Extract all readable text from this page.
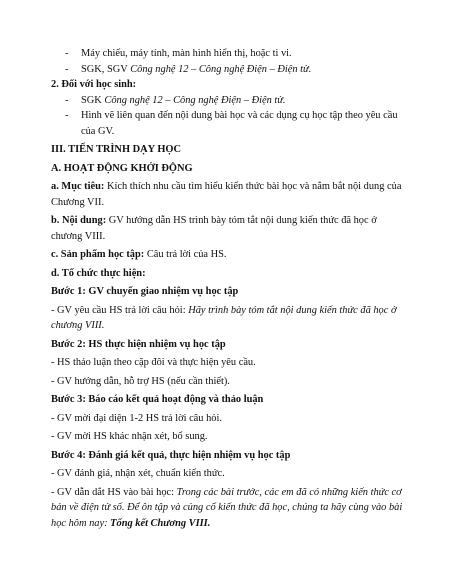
- Máy chiếu, máy tính, màn hình hiển thị, hoặc ti vi.
- SGK, SGV Công nghệ 12 – Công nghệ Điện – Điện tử.
2. Đối với học sinh:
- SGK Công nghệ 12 – Công nghệ Điện – Điện tử.
- Hình vẽ liên quan đến nội dung bài học và các dụng cụ học tập theo yêu cầu của GV.
III. TIẾN TRÌNH DẠY HỌC
A. HOẠT ĐỘNG KHỞI ĐỘNG
a. Mục tiêu: Kích thích nhu cầu tìm hiểu kiến thức bài học và nắm bắt nội dung của Chương VII.
b. Nội dung: GV hướng dẫn HS trình bày tóm tắt nội dung kiến thức đã học ở chương VIII.
c. Sản phẩm học tập: Câu trả lời của HS.
d. Tổ chức thực hiện:
Bước 1: GV chuyển giao nhiệm vụ học tập
- GV yêu cầu HS trả lời câu hỏi: Hãy trình bày tóm tắt nội dung kiến thức đã học ở chương VIII.
Bước 2: HS thực hiện nhiệm vụ học tập
- HS thảo luận theo cặp đôi và thực hiện yêu cầu.
- GV hướng dẫn, hỗ trợ HS (nếu cần thiết).
Bước 3: Báo cáo kết quả hoạt động và thảo luận
- GV mời đại diện 1-2 HS trả lời câu hỏi.
- GV mời HS khác nhận xét, bổ sung.
Bước 4: Đánh giá kết quả, thực hiện nhiệm vụ học tập
- GV đánh giá, nhận xét, chuẩn kiến thức.
- GV dẫn dắt HS vào bài học: Trong các bài trước, các em đã có những kiến thức cơ bản về điện tử số. Để ôn tập và củng cố kiến thức đã học, chúng ta hãy cùng vào bài học hôm nay: Tổng kết Chương VIII.
